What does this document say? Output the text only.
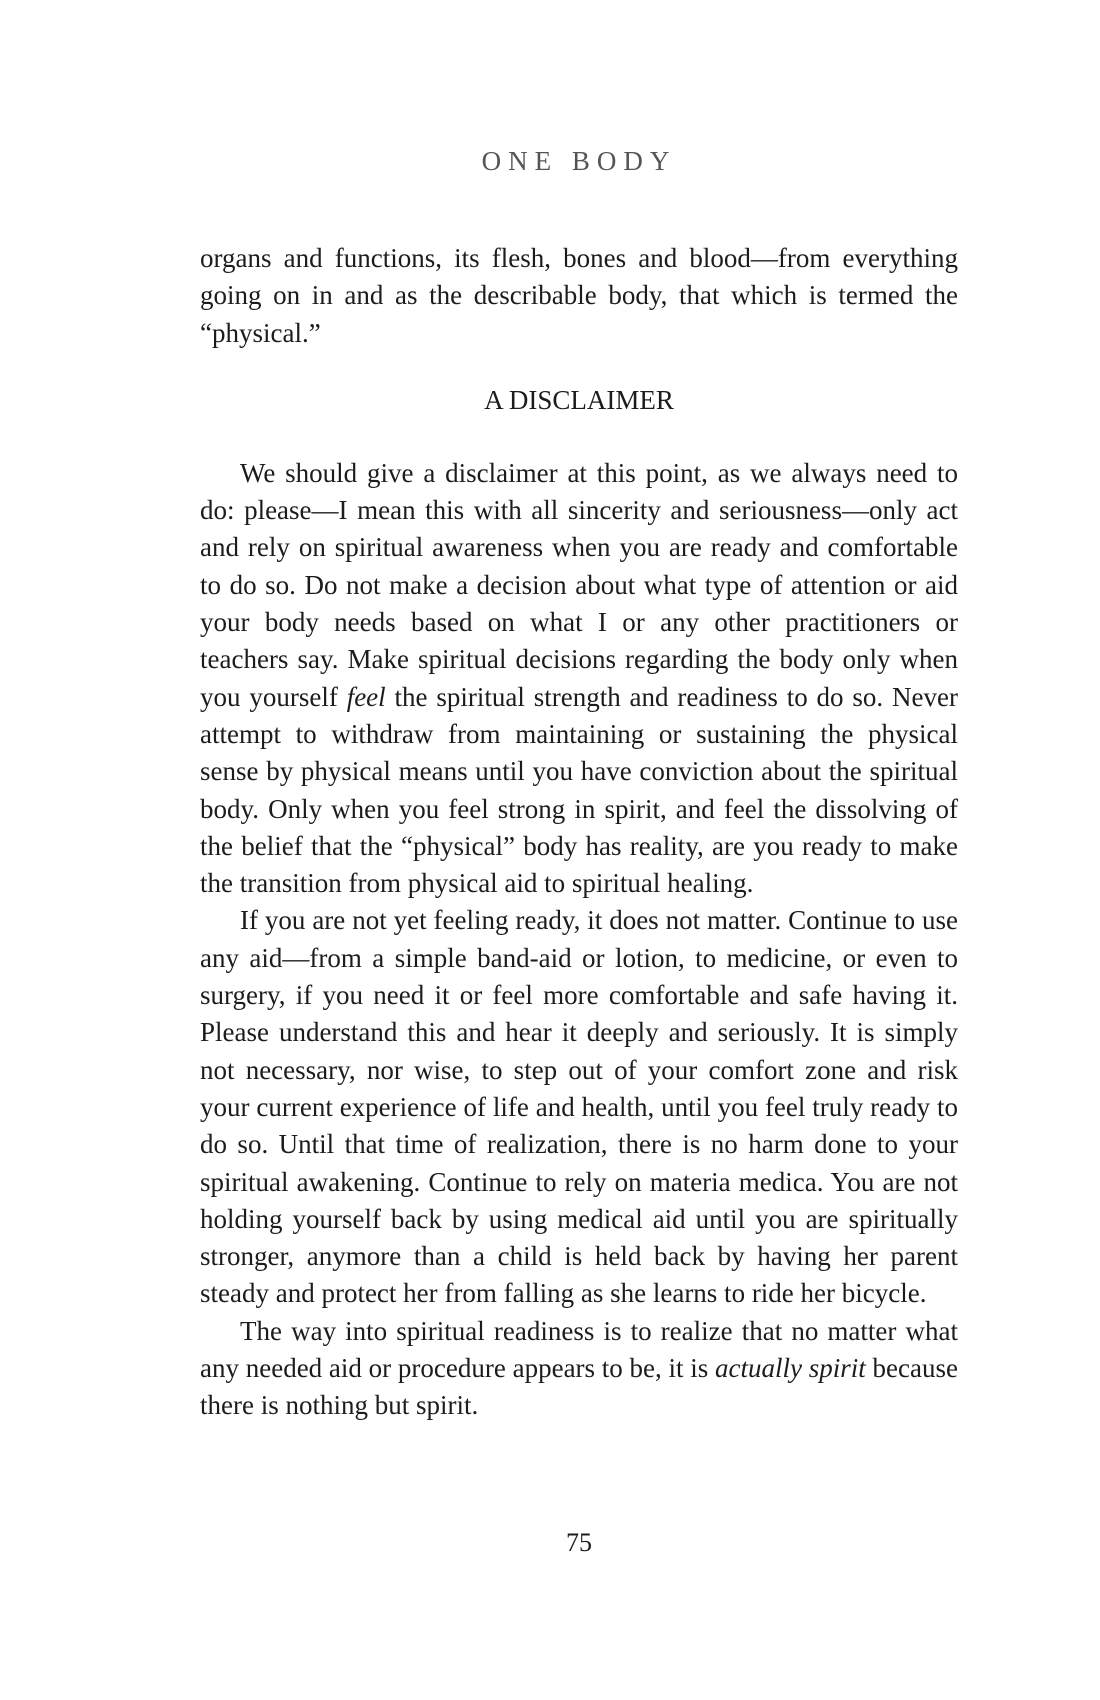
ONE BODY

organs and functions, its flesh, bones and blood—from everything going on in and as the describable body, that which is termed the “physical.”

A DISCLAIMER

We should give a disclaimer at this point, as we always need to do: please—I mean this with all sincerity and seriousness—only act and rely on spiritual awareness when you are ready and comfortable to do so. Do not make a decision about what type of attention or aid your body needs based on what I or any other practitioners or teachers say. Make spiritual decisions regarding the body only when you yourself feel the spiritual strength and readiness to do so. Never attempt to withdraw from maintaining or sustaining the physical sense by physical means until you have conviction about the spiritual body. Only when you feel strong in spirit, and feel the dissolving of the belief that the “physical” body has reality, are you ready to make the transition from physical aid to spiritual healing.

If you are not yet feeling ready, it does not matter. Continue to use any aid—from a simple band-aid or lotion, to medicine, or even to surgery, if you need it or feel more comfortable and safe having it. Please understand this and hear it deeply and seriously. It is simply not necessary, nor wise, to step out of your comfort zone and risk your current experience of life and health, until you feel truly ready to do so. Until that time of realization, there is no harm done to your spiritual awakening. Continue to rely on materia medica. You are not holding yourself back by using medical aid until you are spiritually stronger, anymore than a child is held back by having her parent steady and protect her from falling as she learns to ride her bicycle.

The way into spiritual readiness is to realize that no matter what any needed aid or procedure appears to be, it is actually spirit because there is nothing but spirit.

75
